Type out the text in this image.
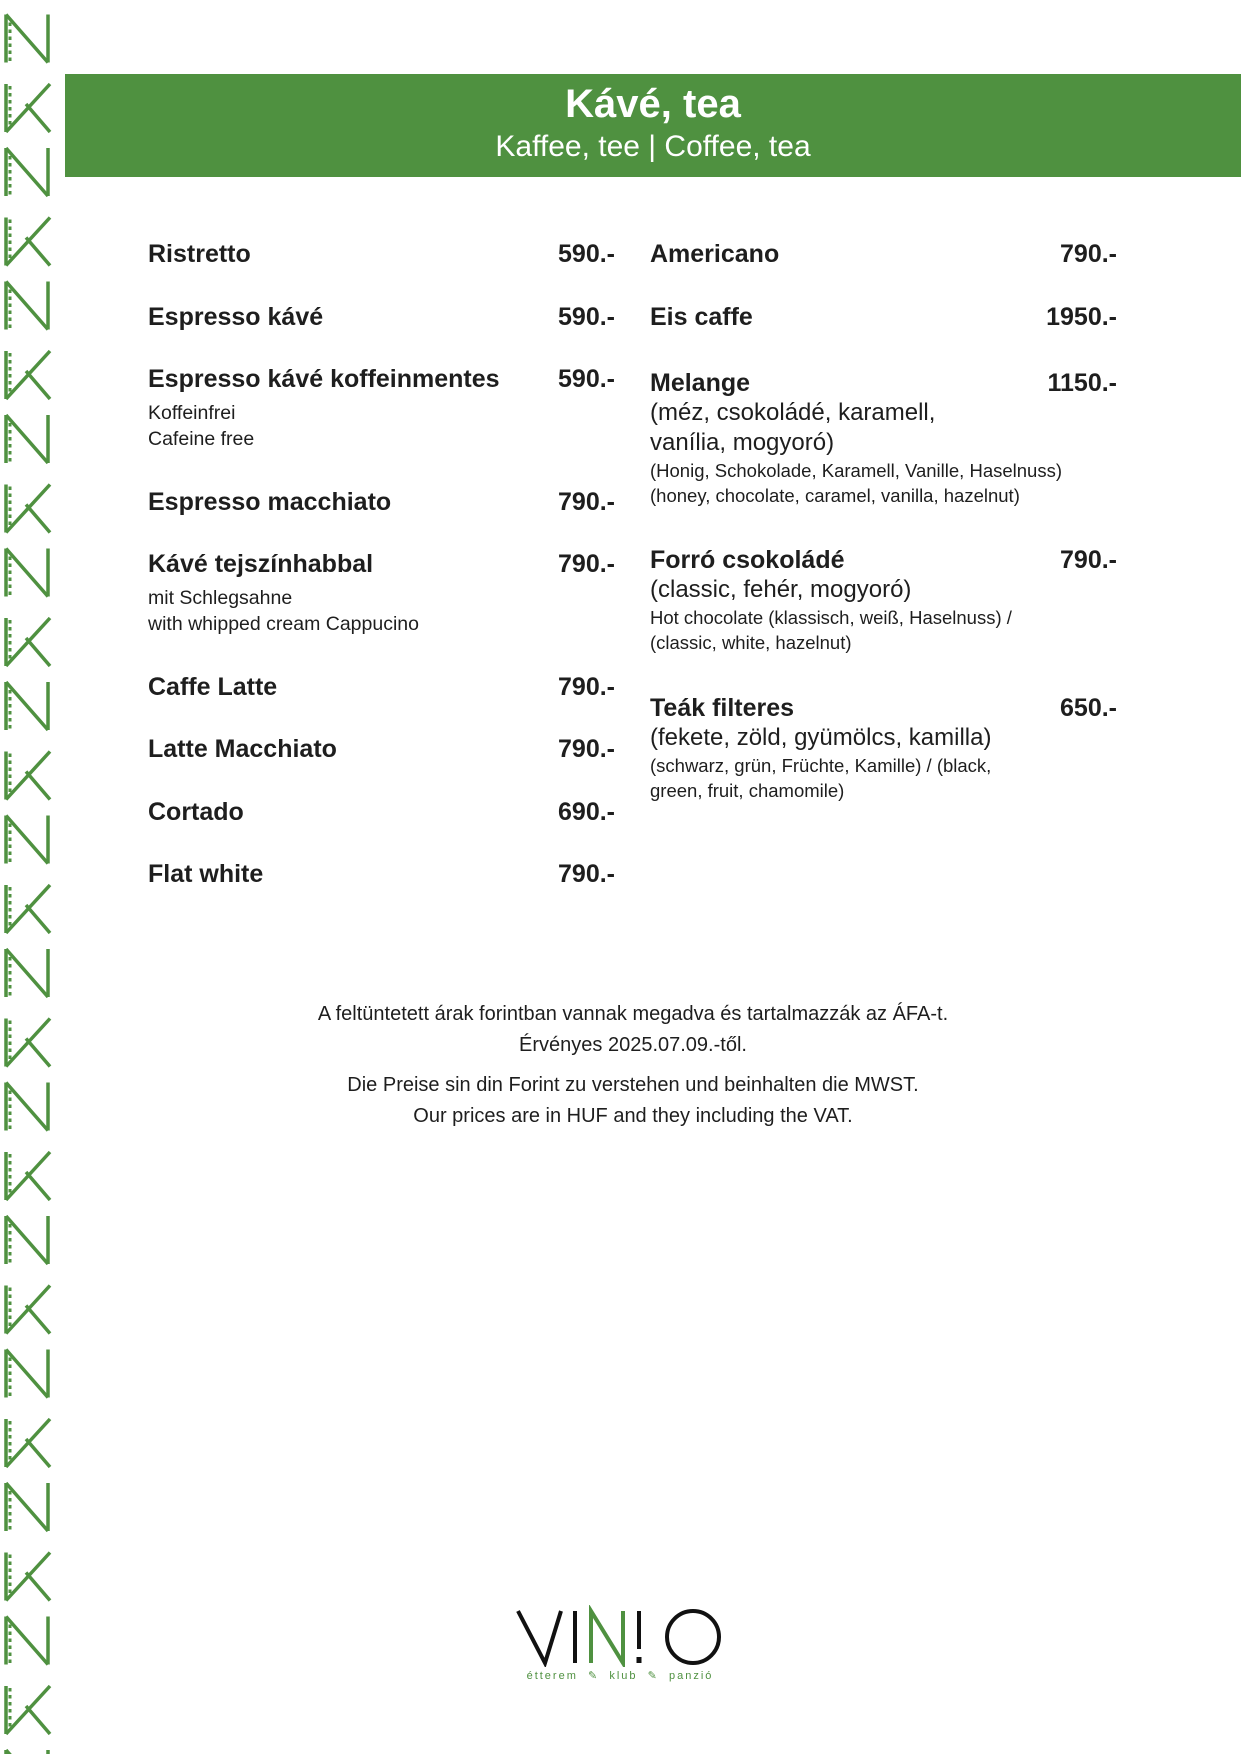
Kávé, tea
Kaffee, tee | Coffee, tea
Ristretto	590.-
Espresso kávé	590.-
Espresso kávé koffeinmentes 590.-
Koffeinfrei
Cafeine free
Espresso macchiato	790.-
Kávé tejszínhabbal	790.-
mit Schlegsahne
with whipped cream Cappucino
Caffe Latte	790.-
Latte Macchiato	790.-
Cortado	690.-
Flat white	790.-
Americano	790.-
Eis caffe	1950.-
Melange	1150.-
(méz, csokoládé, karamell,
vanília, mogyoró)
(Honig, Schokolade, Karamell, Vanille, Haselnuss)
(honey, chocolate, caramel, vanilla, hazelnut)
Forró csokoládé	790.-
(classic, fehér, mogyoró)
Hot chocolate (klassisch, weiß, Haselnuss) /
(classic, white, hazelnut)
Teák filteres	650.-
(fekete, zöld, gyümölcs, kamilla)
(schwarz, grün, Früchte, Kamille) / (black,
green, fruit, chamomile)
A feltüntetett árak forintban vannak megadva és tartalmazzák az ÁFA-t.
Érvényes 2025.07.09.-től.
Die Preise sin din Forint zu verstehen und beinhalten die MWST.
Our prices are in HUF and they including the VAT.
étterem ✎ klub ✎ panzió
